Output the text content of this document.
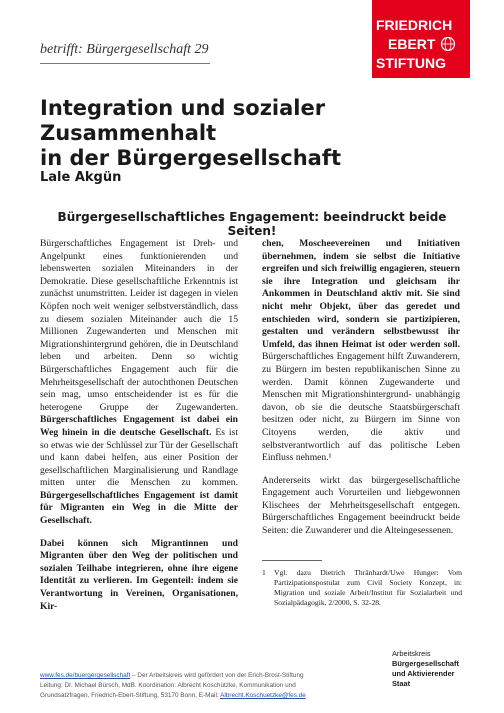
betrifft: Bürgergesellschaft 29
FRIEDRICH
EBERT
STIFTUNG
Integration und sozialer Zusammenhalt
in der Bürgergesellschaft
Lale Akgün
Bürgergesellschaftliches Engagement: beeindruckt beide Seiten!

Bürgerschaftliches Engagement ist Dreh- und Angelpunkt eines funktionierenden und lebenswerten sozialen Miteinanders in der Demokratie. Diese gesellschaftliche Erkenntnis ist zunächst unumstritten. Leider ist dagegen in vielen Köpfen noch weit weniger selbstverständlich, dass zu diesem sozialen Miteinander auch die 15 Millionen Zugewanderten und Menschen mit Migrationshintergrund gehören, die in Deutschland leben und arbeiten. Denn so wichtig Bürgerschaftliches Engagement auch für die Mehrheitsgesellschaft der autochthonen Deutschen sein mag, umso entscheidender ist es für die heterogene Gruppe der Zugewanderten. Bürgerschaftliches Engagement ist dabei ein Weg hinein in die deutsche Gesellschaft. Es ist so etwas wie der Schlüssel zur Tür der Gesellschaft und kann dabei helfen, aus einer Position der gesellschaftlichen Marginalisierung und Randlage mitten unter die Menschen zu kommen. Bürgergesellschaftliches Engagement ist damit für Migranten ein Weg in die Mitte der Gesellschaft.

Dabei können sich Migrantinnen und Migranten über den Weg der politischen und sozialen Teilhabe integrieren, ohne ihre eigene Identität zu verlieren. Im Gegenteil: indem sie Verantwortung in Vereinen, Organisationen, Kir-

chen, Moscheevereinen und Initiativen übernehmen, indem sie selbst die Initiative ergreifen und sich freiwillig engagieren, steuern sie ihre Integration und gleichsam ihr Ankommen in Deutschland aktiv mit. Sie sind nicht mehr Objekt, über das geredet und entschieden wird, sondern sie partizipieren, gestalten und verändern selbstbewusst ihr Umfeld, das ihnen Heimat ist oder werden soll. Bürgerschaftliches Engagement hilft Zuwanderern, zu Bürgern im besten republikanischen Sinne zu werden. Damit können Zugewanderte und Menschen mit Migrationshintergrund- unabhängig davon, ob sie die deutsche Staatsbürgerschaft besitzen oder nicht, zu Bürgern im Sinne von Citoyens werden, die aktiv und selbstverantwortlich auf das politische Leben Einfluss nehmen.¹

Andererseits wirkt das bürgergesellschaftliche Engagement auch Vorurteilen und liebgewonnen Klischees der Mehrheitsgesellschaft entgegen. Bürgerschaftliches Engagement beeindruckt beide Seiten: die Zuwanderer und die Alteingesessenen.

1	Vgl. dazu Dietrich Thränhardt/Uwe Hunger: Vom Partizipationspostulat zum Civil Society Konzept, in: Migration und soziale Arbeit/Institut für Sozialarbeit und Sozialpädagogik, 2/2000, S. 32-28.
www.fes.de/buergergesellschaft – Der Arbeitskreis wird gefördert von der Erich-Brost-Stiftung
Leitung: Dr. Michael Bürsch, MdB. Koordination: Albrecht Koschützke, Kommunikation und
Grundsatzfragen, Friedrich-Ebert-Stiftung, 53170 Bonn, E-Mail: Albrecht.Koschuetzke@fes.de
Arbeitskreis
Bürgergesellschaft
und Aktivierender
Staat
